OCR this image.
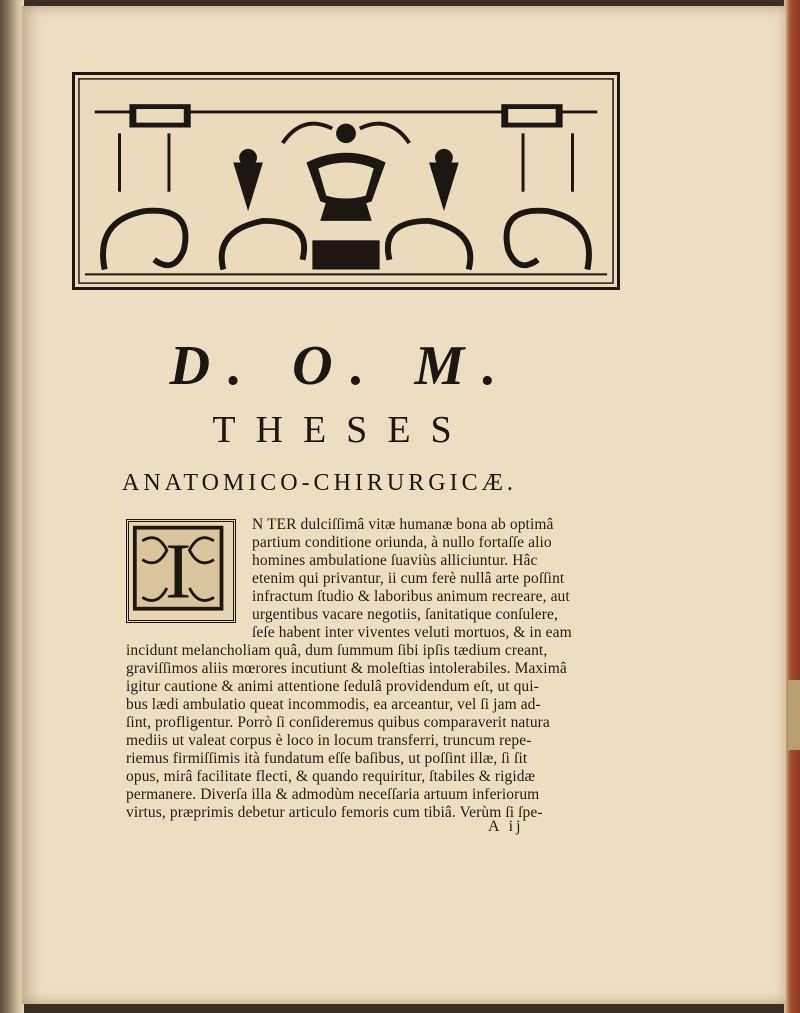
D. O. M.
THESES
ANATOMICO-CHIRURGICÆ.
I
N TER dulciſſimâ vitæ humanæ bona ab optimâ
partium conditione oriunda, à nullo fortaſſe alio
homines ambulatione ſuaviùs alliciuntur. Hâc
etenim qui privantur, ii cum ferè nullâ arte poſſint
infractum ſtudio & laboribus animum recreare, aut
urgentibus vacare negotiis, ſanitatique conſulere,
ſeſe habent inter viventes veluti mortuos, & in eam
incidunt melancholiam quâ, dum ſummum ſibi ipſis tædium creant,
graviſſimos aliis mœrores incutiunt & moleſtias intolerabiles. Maximâ
igitur cautione & animi attentione ſedulâ providendum eſt, ut qui-
bus lædi ambulatio queat incommodis, ea arceantur, vel ſi jam ad-
ſint, profligentur. Porrò ſi conſideremus quibus comparaverit natura
mediis ut valeat corpus è loco in locum transferri, truncum repe-
riemus firmiſſimis ità fundatum eſſe baſibus, ut poſſint illæ, ſi ſit
opus, mirâ facilitate flecti, & quando requiritur, ſtabiles & rigidæ
permanere. Diverſa illa & admodùm neceſſaria artuum inferiorum
virtus, præprimis debetur articulo femoris cum tibiâ. Verùm ſi ſpe-
A ij
